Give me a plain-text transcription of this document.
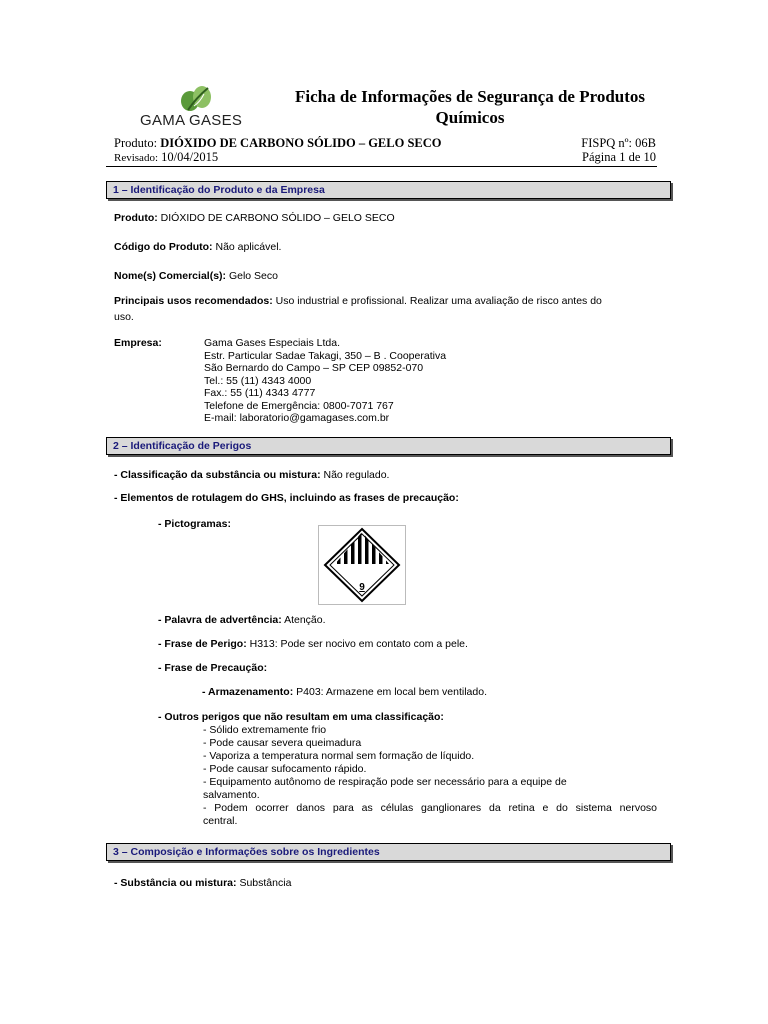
GAMA GASES
Ficha de Informações de Segurança de Produtos
Químicos
Produto: DIÓXIDO DE CARBONO SÓLIDO – GELO SECO	FISPQ nº: 06B
Revisado: 10/04/2015	Página 1 de 10
1 – Identificação do Produto e da Empresa
Produto: DIÓXIDO DE CARBONO SÓLIDO – GELO SECO
Código do Produto: Não aplicável.
Nome(s) Comercial(s): Gelo Seco
Principais usos recomendados: Uso industrial e profissional. Realizar uma avaliação de risco antes do
uso.
Empresa:	Gama Gases Especiais Ltda.
Estr. Particular Sadae Takagi, 350 – B . Cooperativa
São Bernardo do Campo – SP CEP 09852-070
Tel.: 55 (11) 4343 4000
Fax.: 55 (11) 4343 4777
Telefone de Emergência: 0800-7071 767
E-mail: laboratorio@gamagases.com.br
2 – Identificação de Perigos
- Classificação da substância ou mistura: Não regulado.
- Elementos de rotulagem do GHS, incluindo as frases de precaução:
- Pictogramas:
9
- Palavra de advertência: Atenção.
- Frase de Perigo: H313: Pode ser nocivo em contato com a pele.
- Frase de Precaução:
- Armazenamento: P403: Armazene em local bem ventilado.
- Outros perigos que não resultam em uma classificação:
- Sólido extremamente frio
- Pode causar severa queimadura
- Vaporiza a temperatura normal sem formação de líquido.
- Pode causar sufocamento rápido.
- Equipamento autônomo de respiração pode ser necessário para a equipe de
salvamento.
- Podem ocorrer danos para as células ganglionares da retina e do sistema nervoso
central.
3 – Composição e Informações sobre os Ingredientes
- Substância ou mistura: Substância
